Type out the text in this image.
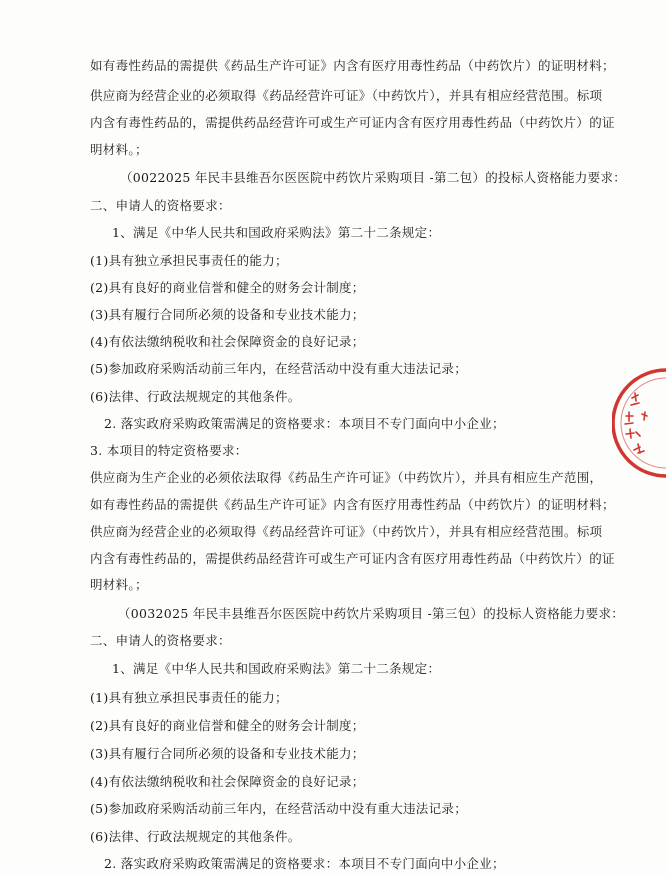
如有毒性药品的需提供《药品生产许可证》内含有医疗用毒性药品（中药饮片）的证明材料；
供应商为经营企业的必须取得《药品经营许可证》（中药饮片），并具有相应经营范围。标项
内含有毒性药品的，需提供药品经营许可或生产可证内含有医疗用毒性药品（中药饮片）的证
明材料。；
（0022025 年民丰县维吾尔医医院中药饮片采购项目 -第二包）的投标人资格能力要求：
二、申请人的资格要求：
1、满足《中华人民共和国政府采购法》第二十二条规定：
(1)具有独立承担民事责任的能力；
(2)具有良好的商业信誉和健全的财务会计制度；
(3)具有履行合同所必须的设备和专业技术能力；
(4)有依法缴纳税收和社会保障资金的良好记录；
(5)参加政府采购活动前三年内，在经营活动中没有重大违法记录；
(6)法律、行政法规规定的其他条件。
2. 落实政府采购政策需满足的资格要求：本项目不专门面向中小企业；
3. 本项目的特定资格要求：
供应商为生产企业的必须依法取得《药品生产许可证》（中药饮片），并具有相应生产范围，
如有毒性药品的需提供《药品生产许可证》内含有医疗用毒性药品（中药饮片）的证明材料；
供应商为经营企业的必须取得《药品经营许可证》（中药饮片），并具有相应经营范围。标项
内含有毒性药品的，需提供药品经营许可或生产可证内含有医疗用毒性药品（中药饮片）的证
明材料。；
（0032025 年民丰县维吾尔医医院中药饮片采购项目 -第三包）的投标人资格能力要求：
二、申请人的资格要求：
1、满足《中华人民共和国政府采购法》第二十二条规定：
(1)具有独立承担民事责任的能力；
(2)具有良好的商业信誉和健全的财务会计制度；
(3)具有履行合同所必须的设备和专业技术能力；
(4)有依法缴纳税收和社会保障资金的良好记录；
(5)参加政府采购活动前三年内，在经营活动中没有重大违法记录；
(6)法律、行政法规规定的其他条件。
2. 落实政府采购政策需满足的资格要求：本项目不专门面向中小企业；
